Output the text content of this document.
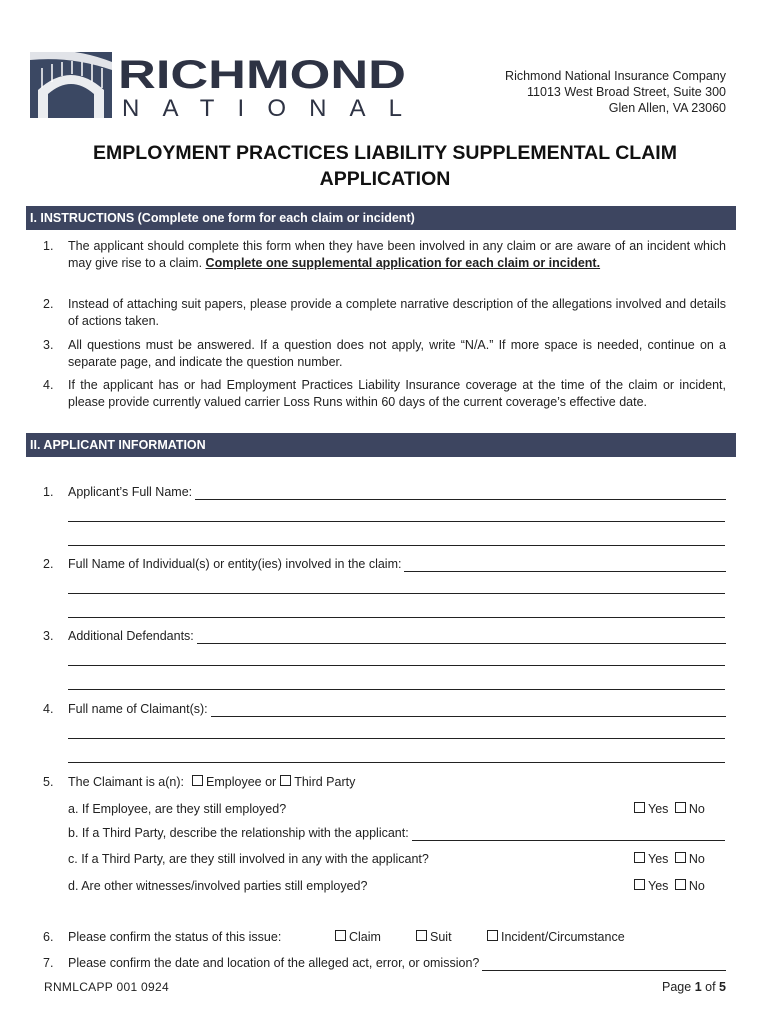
RICHMOND
NATIONAL
Richmond National Insurance Company
11013 West Broad Street, Suite 300
Glen Allen, VA 23060
EMPLOYMENT PRACTICES LIABILITY SUPPLEMENTAL CLAIM
APPLICATION
I. INSTRUCTIONS (Complete one form for each claim or incident)
1. The applicant should complete this form when they have been involved in any claim or are aware of an incident which may give rise to a claim. Complete one supplemental application for each claim or incident.
2. Instead of attaching suit papers, please provide a complete narrative description of the allegations involved and details of actions taken.
3. All questions must be answered. If a question does not apply, write “N/A.” If more space is needed, continue on a separate page, and indicate the question number.
4. If the applicant has or had Employment Practices Liability Insurance coverage at the time of the claim or incident, please provide currently valued carrier Loss Runs within 60 days of the current coverage’s effective date.
II. APPLICANT INFORMATION
1.	Applicant’s Full Name:
2.	Full Name of Individual(s) or entity(ies) involved in the claim:
3.	Additional Defendants:
4.	Full name of Claimant(s):
5.	The Claimant is a(n):	Employee or	Third Party
a. If Employee, are they still employed?	Yes No
b. If a Third Party, describe the relationship with the applicant:
c. If a Third Party, are they still involved in any with the applicant?	Yes No
d. Are other witnesses/involved parties still employed?	Yes No
6.	Please confirm the status of this issue:	Claim	Suit	Incident/Circumstance
7.	Please confirm the date and location of the alleged act, error, or omission?
RNMLCAPP 001 0924	Page 1 of 5
